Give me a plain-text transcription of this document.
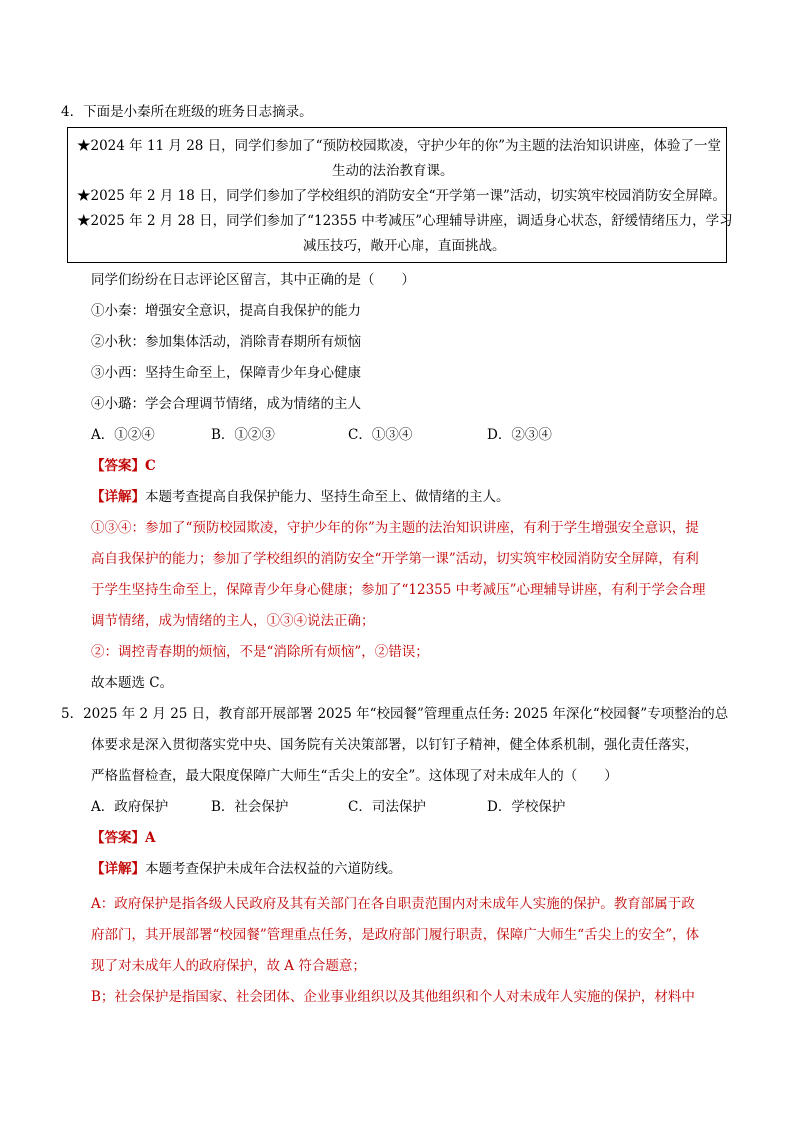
4．下面是小秦所在班级的班务日志摘录。
★2024 年 11 月 28 日，同学们参加了“预防校园欺凌，守护少年的你”为主题的法治知识讲座，体验了一堂
生动的法治教育课。
★2025 年 2 月 18 日，同学们参加了学校组织的消防安全“开学第一课”活动，切实筑牢校园消防安全屏障。
★2025 年 2 月 28 日，同学们参加了“12355 中考减压”心理辅导讲座，调适身心状态，舒缓情绪压力，学习
减压技巧，敞开心扉，直面挑战。
同学们纷纷在日志评论区留言，其中正确的是（　　）
①小秦：增强安全意识，提高自我保护的能力
②小秋：参加集体活动，消除青春期所有烦恼
③小西：坚持生命至上，保障青少年身心健康
④小璐：学会合理调节情绪，成为情绪的主人
A．①②④	B．①②③	C．①③④	D．②③④
【答案】C
【详解】本题考查提高自我保护能力、坚持生命至上、做情绪的主人。
①③④：参加了“预防校园欺凌，守护少年的你”为主题的法治知识讲座，有利于学生增强安全意识，提
高自我保护的能力；参加了学校组织的消防安全“开学第一课”活动，切实筑牢校园消防安全屏障，有利
于学生坚持生命至上，保障青少年身心健康；参加了“12355 中考减压”心理辅导讲座，有利于学会合理
调节情绪，成为情绪的主人，①③④说法正确；
②：调控青春期的烦恼，不是“消除所有烦恼”，②错误；
故本题选 C。
5．2025 年 2 月 25 日，教育部开展部署 2025 年“校园餐”管理重点任务: 2025 年深化“校园餐”专项整治的总
体要求是深入贯彻落实党中央、国务院有关决策部署，以钉钉子精神，健全体系机制，强化责任落实，
严格监督检查，最大限度保障广大师生“舌尖上的安全”。这体现了对未成年人的（　　）
A．政府保护	B．社会保护	C．司法保护	D．学校保护
【答案】A
【详解】本题考查保护未成年合法权益的六道防线。
A：政府保护是指各级人民政府及其有关部门在各自职责范围内对未成年人实施的保护。教育部属于政
府部门，其开展部署“校园餐”管理重点任务，是政府部门履行职责，保障广大师生“舌尖上的安全”，体
现了对未成年人的政府保护，故 A 符合题意；
B；社会保护是指国家、社会团体、企业事业组织以及其他组织和个人对未成年人实施的保护，材料中
